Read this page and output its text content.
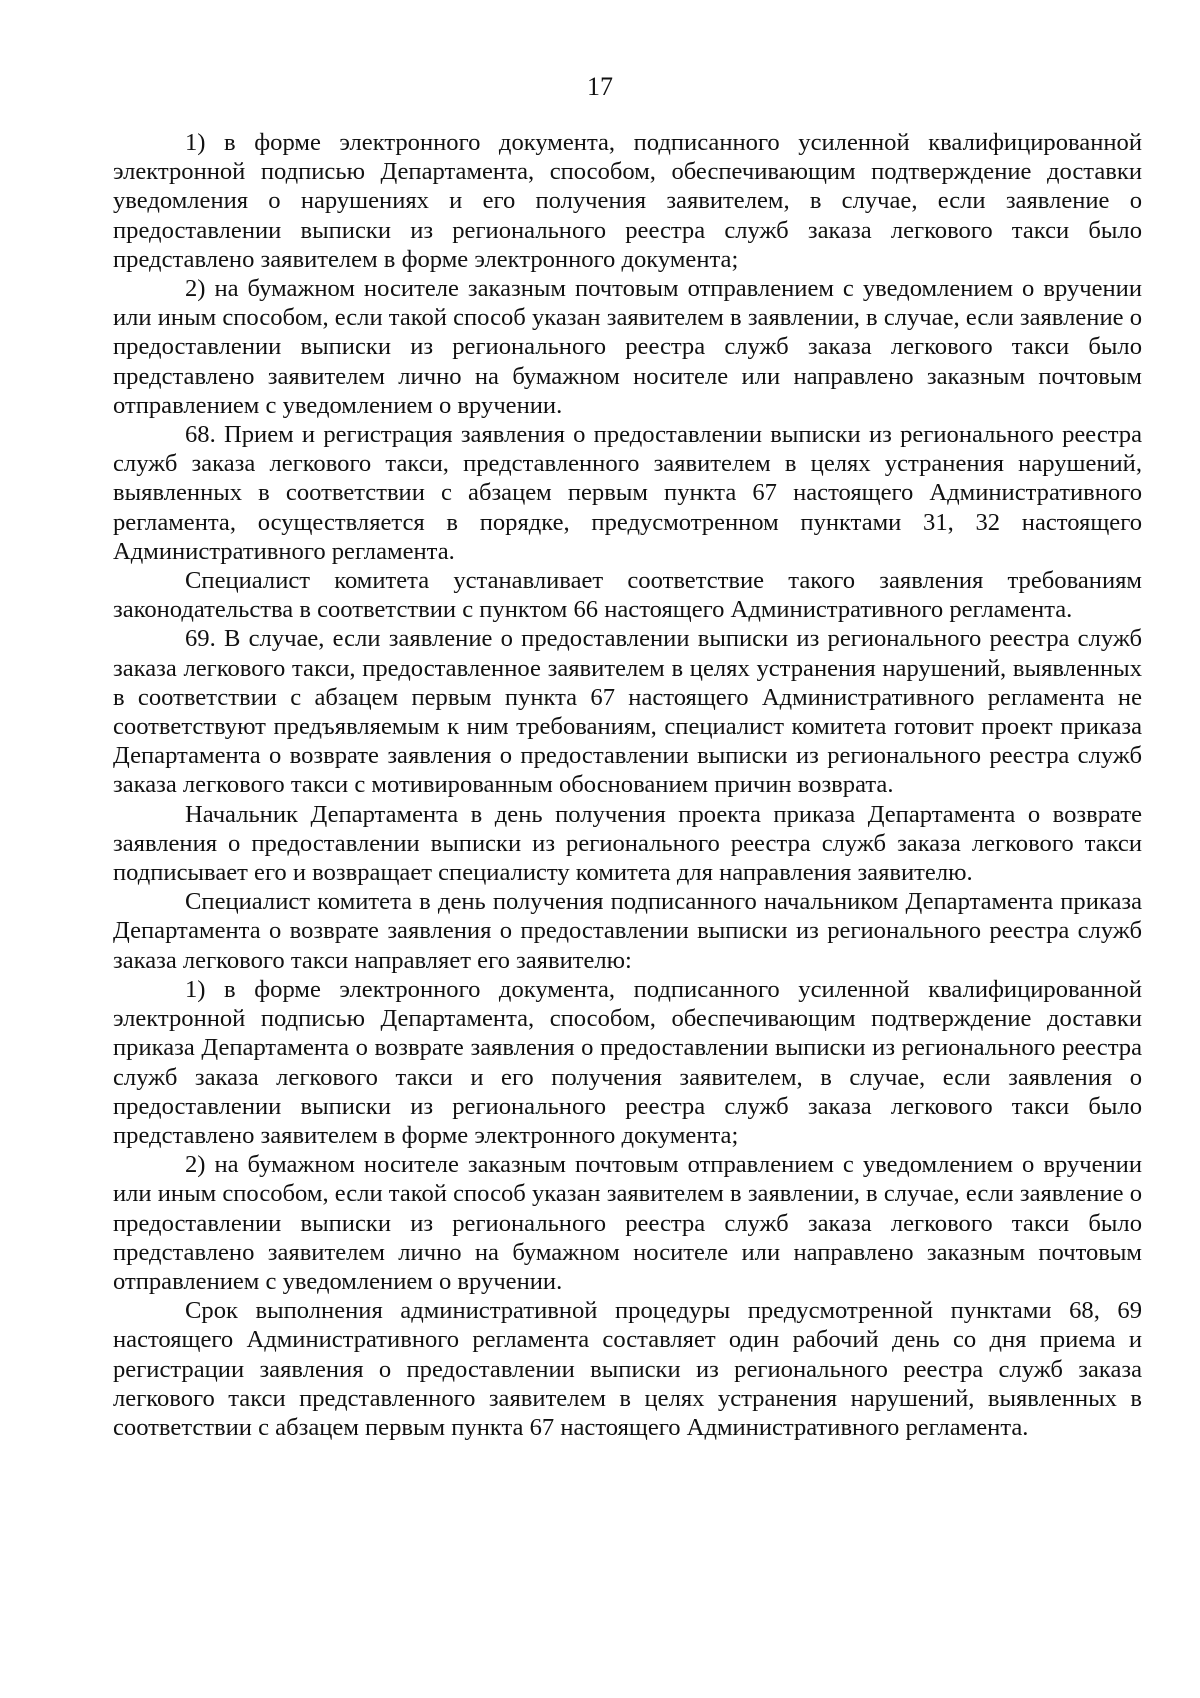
17

1) в форме электронного документа, подписанного усиленной квалифицированной электронной подписью Департамента, способом, обеспечивающим подтверждение доставки уведомления о нарушениях и его получения заявителем, в случае, если заявление о предоставлении выписки из регионального реестра служб заказа легкового такси было представлено заявителем в форме электронного документа;

2) на бумажном носителе заказным почтовым отправлением с уведомлением о вручении или иным способом, если такой способ указан заявителем в заявлении, в случае, если заявление о предоставлении выписки из регионального реестра служб заказа легкового такси было представлено заявителем лично на бумажном носителе или направлено заказным почтовым отправлением с уведомлением о вручении.

68. Прием и регистрация заявления о предоставлении выписки из регионального реестра служб заказа легкового такси, представленного заявителем в целях устранения нарушений, выявленных в соответствии с абзацем первым пункта 67 настоящего Административного регламента, осуществляется в порядке, предусмотренном пунктами 31, 32 настоящего Административного регламента.

Специалист комитета устанавливает соответствие такого заявления требованиям законодательства в соответствии с пунктом 66 настоящего Административного регламента.

69. В случае, если заявление о предоставлении выписки из регионального реестра служб заказа легкового такси, предоставленное заявителем в целях устранения нарушений, выявленных в соответствии с абзацем первым пункта 67 настоящего Административного регламента не соответствуют предъявляемым к ним требованиям, специалист комитета готовит проект приказа Департамента о возврате заявления о предоставлении выписки из регионального реестра служб заказа легкового такси с мотивированным обоснованием причин возврата.

Начальник Департамента в день получения проекта приказа Департамента о возврате заявления о предоставлении выписки из регионального реестра служб заказа легкового такси подписывает его и возвращает специалисту комитета для направления заявителю.

Специалист комитета в день получения подписанного начальником Департамента приказа Департамента о возврате заявления о предоставлении выписки из регионального реестра служб заказа легкового такси направляет его заявителю:

1) в форме электронного документа, подписанного усиленной квалифицированной электронной подписью Департамента, способом, обеспечивающим подтверждение доставки приказа Департамента о возврате заявления о предоставлении выписки из регионального реестра служб заказа легкового такси и его получения заявителем, в случае, если заявления о предоставлении выписки из регионального реестра служб заказа легкового такси было представлено заявителем в форме электронного документа;

2) на бумажном носителе заказным почтовым отправлением с уведомлением о вручении или иным способом, если такой способ указан заявителем в заявлении, в случае, если заявление о предоставлении выписки из регионального реестра служб заказа легкового такси было представлено заявителем лично на бумажном носителе или направлено заказным почтовым отправлением с уведомлением о вручении.

Срок выполнения административной процедуры предусмотренной пунктами 68, 69 настоящего Административного регламента составляет один рабочий день со дня приема и регистрации заявления о предоставлении выписки из регионального реестра служб заказа легкового такси представленного заявителем в целях устранения нарушений, выявленных в соответствии с абзацем первым пункта 67 настоящего Административного регламента.
